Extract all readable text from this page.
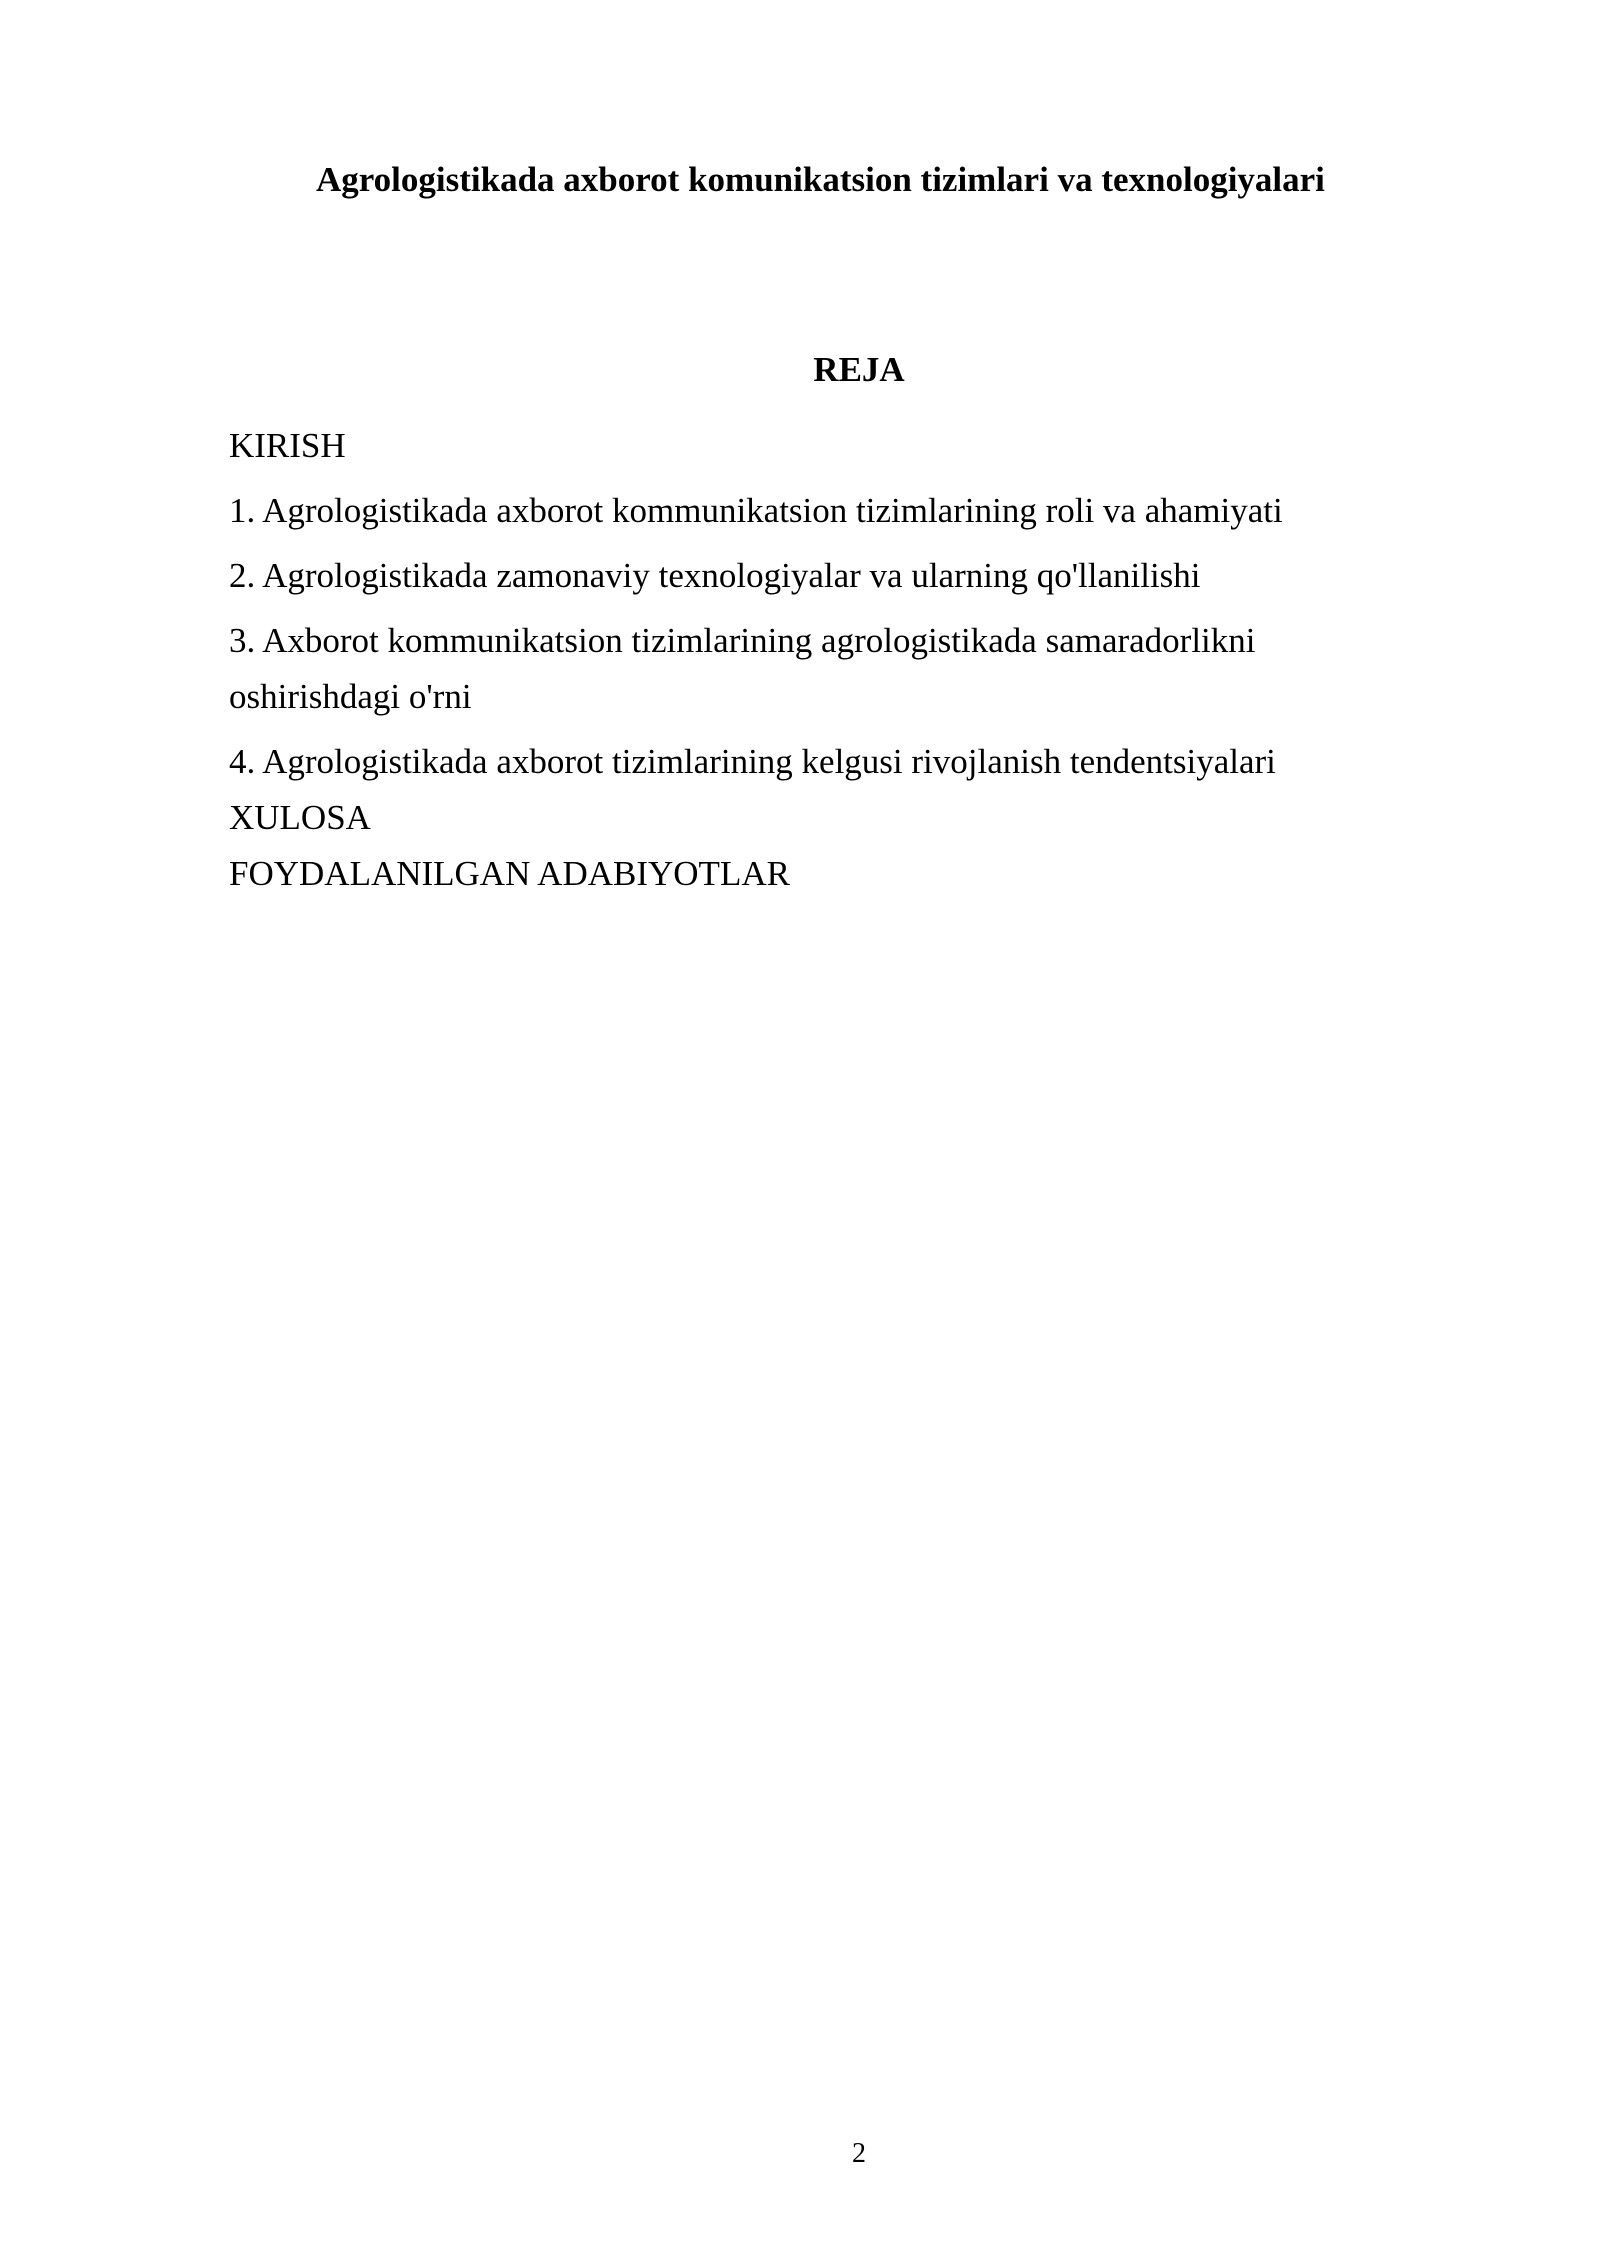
Agrologistikada axborot komunikatsion tizimlari va texnologiyalari
REJA
KIRISH
1. Agrologistikada axborot kommunikatsion tizimlarining roli va ahamiyati
2. Agrologistikada zamonaviy texnologiyalar va ularning qo'llanilishi
3. Axborot kommunikatsion tizimlarining agrologistikada samaradorlikni oshirishdagi o'rni
4. Agrologistikada axborot tizimlarining kelgusi rivojlanish tendentsiyalari
XULOSA
FOYDALANILGAN ADABIYOTLAR
2
